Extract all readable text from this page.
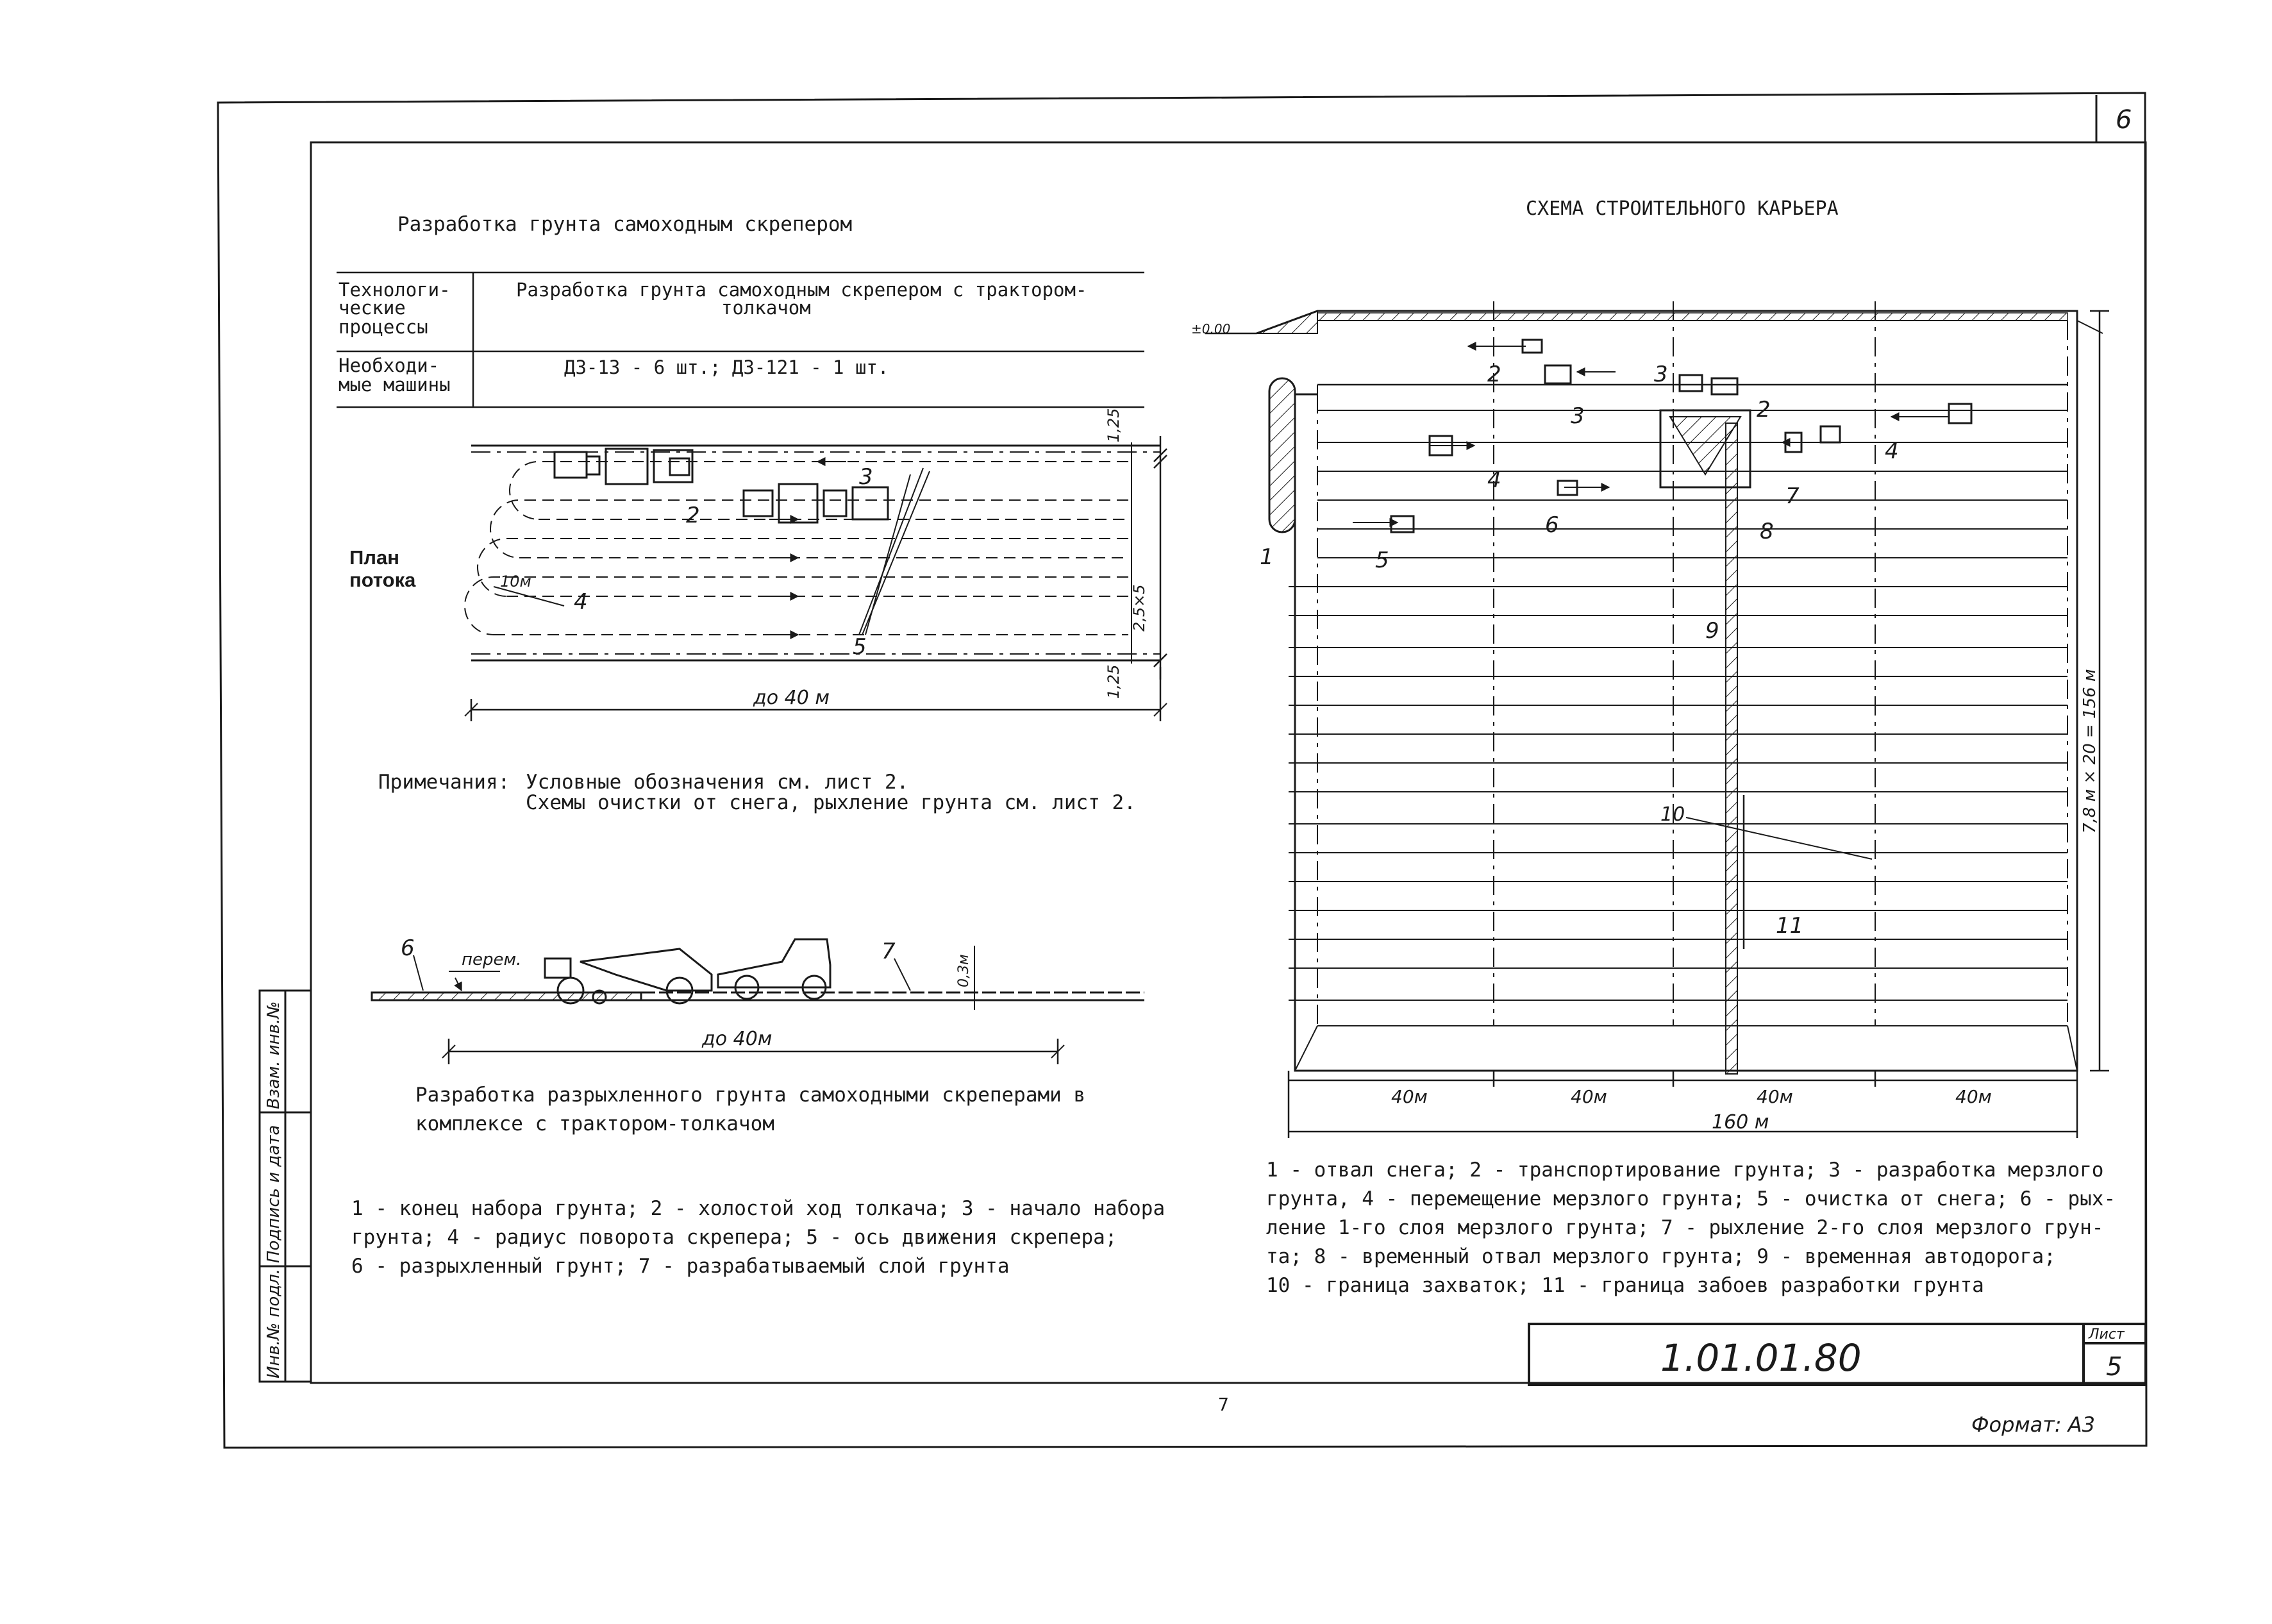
6
Инв.№ подл.
Подпись и дата
Взам. инв.№
1.01.01.80
Лист
5
7
Формат: А3
Разработка грунта самоходным скрепером
Технологи- ческие процессы
Разработка грунта самоходным скрепером с трактором- толкачом
Необходи- мые машины
ДЗ-13 - 6 шт.; ДЗ-121 - 1 шт.
План потока
1,25
2,5×5
1,25
до 40 м
10м
2
3
4
5
Примечания: Условные обозначения см. лист 2. Схемы очистки от снега, рыхление грунта см. лист 2.
перем.
6	7
0,3м
до 40м
Разработка разрыхленного грунта самоходными скреперами в комплексе с трактором-толкачом
1 - конец набора грунта; 2 - холостой ход толкача; 3 - начало набора грунта; 4 - радиус поворота скрепера; 5 - ось движения скрепера; 6 - разрыхленный грунт; 7 - разрабатываемый слой грунта
СХЕМА СТРОИТЕЛЬНОГО КАРЬЕРА
±0.00
1
2
2
3
3
4
4
5
6
7
8
9
10
11
40м	40м	40м	40м
160 м
7,8 м × 20 = 156 м
1 - отвал снега; 2 - транспортирование грунта; 3 - разработка мерзлого грунта, 4 - перемещение мерзлого грунта; 5 - очистка от снега; 6 - рых- ление 1-го слоя мерзлого грунта; 7 - рыхление 2-го слоя мерзлого грун- та; 8 - временный отвал мерзлого грунта; 9 - временная автодорога; 10 - граница захваток; 11 - граница забоев разработки грунта
